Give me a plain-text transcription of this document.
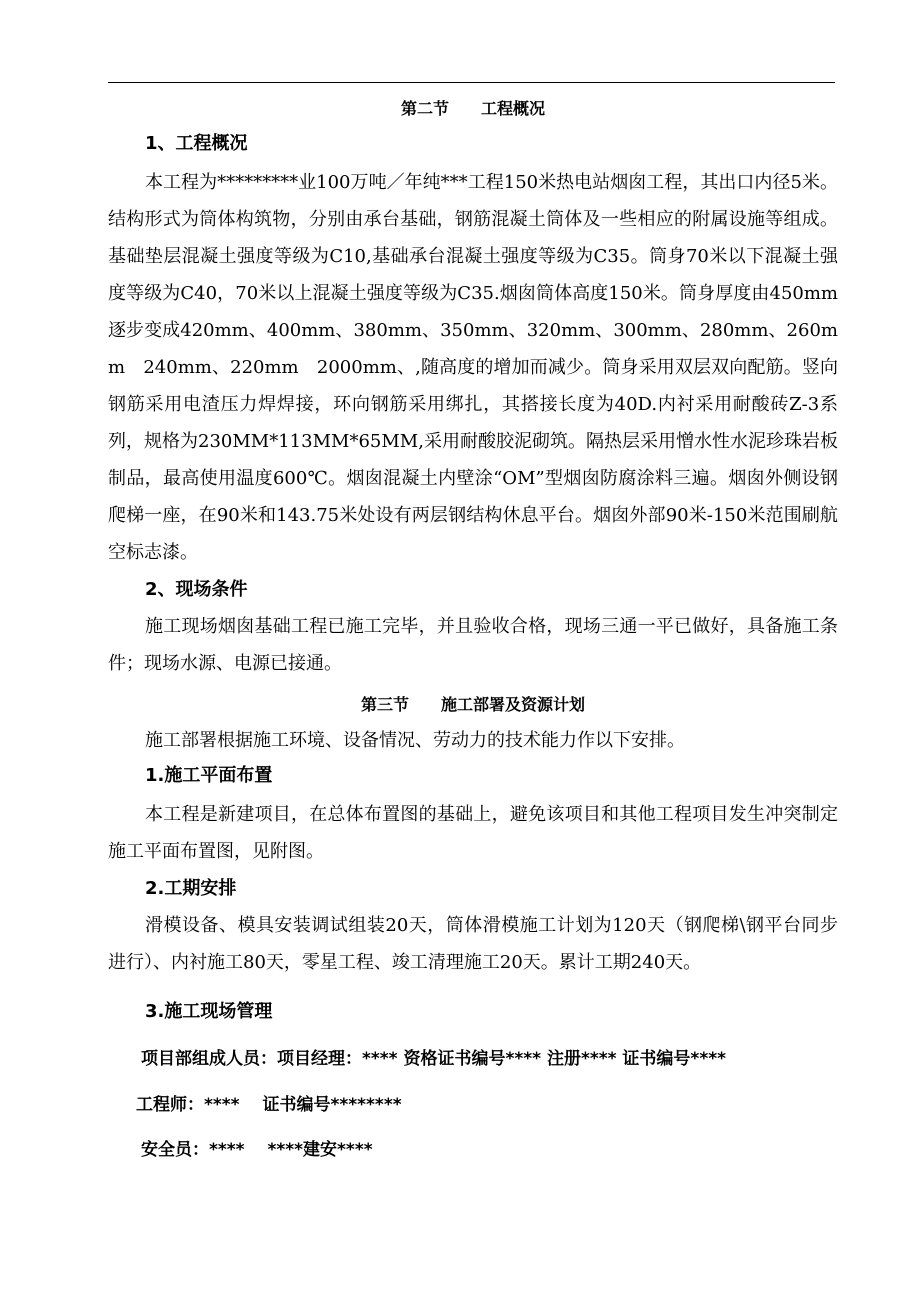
第二节　　工程概况
1、工程概况

本工程为*********业100万吨／年纯***工程150米热电站烟囱工程，其出口内径5米。结构形式为筒体构筑物，分别由承台基础，钢筋混凝土筒体及一些相应的附属设施等组成。基础垫层混凝土强度等级为C10,基础承台混凝土强度等级为C35。筒身70米以下混凝土强度等级为C40，70米以上混凝土强度等级为C35.烟囱筒体高度150米。筒身厚度由450mm逐步变成420mm、400mm、380mm、350mm、320mm、300mm、280mm、260mm　240mm、220mm　2000mm、,随高度的增加而减少。筒身采用双层双向配筋。竖向钢筋采用电渣压力焊焊接，环向钢筋采用绑扎，其搭接长度为40D.内衬采用耐酸砖Z-3系列，规格为230MM*113MM*65MM,采用耐酸胶泥砌筑。隔热层采用憎水性水泥珍珠岩板制品，最高使用温度600℃。烟囱混凝土内壁涂“OM”型烟囱防腐涂料三遍。烟囱外侧设钢爬梯一座，在90米和143.75米处设有两层钢结构休息平台。烟囱外部90米-150米范围刷航空标志漆。

2、现场条件

施工现场烟囱基础工程已施工完毕，并且验收合格，现场三通一平已做好，具备施工条件；现场水源、电源已接通。

第三节　　施工部署及资源计划

施工部署根据施工环境、设备情况、劳动力的技术能力作以下安排。

1.施工平面布置

本工程是新建项目，在总体布置图的基础上，避免该项目和其他工程项目发生冲突制定施工平面布置图，见附图。

2.工期安排

滑模设备、模具安装调试组装20天，筒体滑模施工计划为120天（钢爬梯\钢平台同步进行）、内衬施工80天，零星工程、竣工清理施工20天。累计工期240天。

3.施工现场管理
项目部组成人员：项目经理：**** 资格证书编号**** 注册**** 证书编号****
工程师：****　 证书编号********
安全员：****　 ****建安****
